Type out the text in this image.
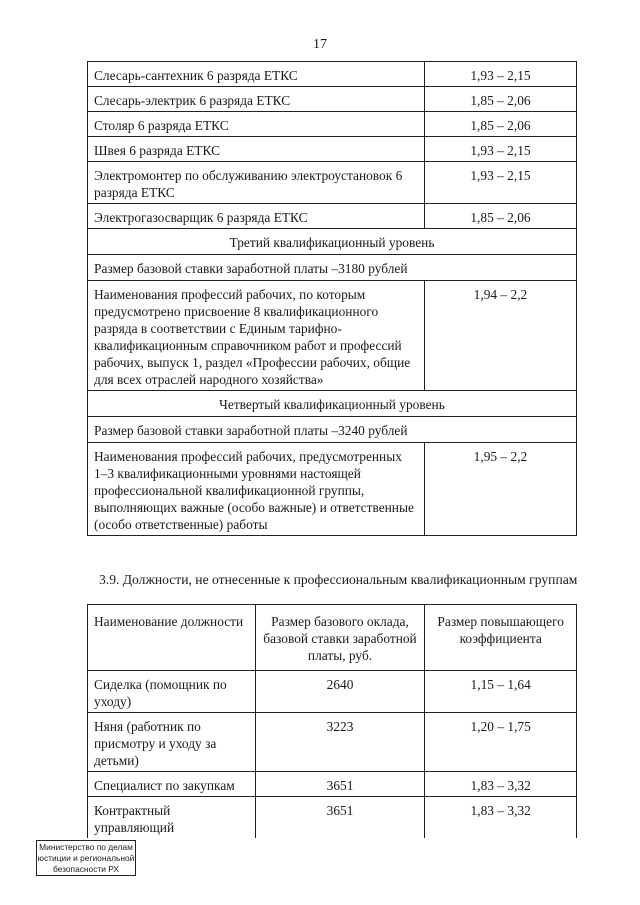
17
Слесарь-сантехник 6 разряда ЕТКС	1,93 – 2,15
Слесарь-электрик 6 разряда ЕТКС	1,85 – 2,06
Столяр 6 разряда ЕТКС	1,85 – 2,06
Швея 6 разряда ЕТКС	1,93 – 2,15
Электромонтер по обслуживанию электроустановок 6 разряда ЕТКС	1,93 – 2,15
Электрогазосварщик 6 разряда ЕТКС	1,85 – 2,06
Третий квалификационный уровень	
Размер базовой ставки заработной платы –3180 рублей	
Наименования профессий рабочих, по которым предусмотрено присвоение 8 квалификационного разряда в соответствии с Единым тарифно-квалификационным справочником работ и профессий рабочих, выпуск 1, раздел «Профессии рабочих, общие для всех отраслей народного хозяйства»	1,94 – 2,2
Четвертый квалификационный уровень	
Размер базовой ставки заработной платы –3240 рублей	
Наименования профессий рабочих, предусмотренных 1–3 квалификационными уровнями настоящей профессиональной квалификационной группы, выполняющих важные (особо важные) и ответственные (особо ответственные) работы	1,95 – 2,2
3.9. Должности, не отнесенные к профессиональным квалификационным группам
Наименование должности	Размер базового оклада, базовой ставки заработной платы, руб.	Размер повышающего коэффициента
Сиделка (помощник по уходу)	2640	1,15 – 1,64
Няня (работник по присмотру и уходу за детьми)	3223	1,20 – 1,75
Специалист по закупкам	3651	1,83 – 3,32
Контрактный управляющий	3651	1,83 – 3,32
Министерство по делам
юстиции и региональной
безопасности РХ
